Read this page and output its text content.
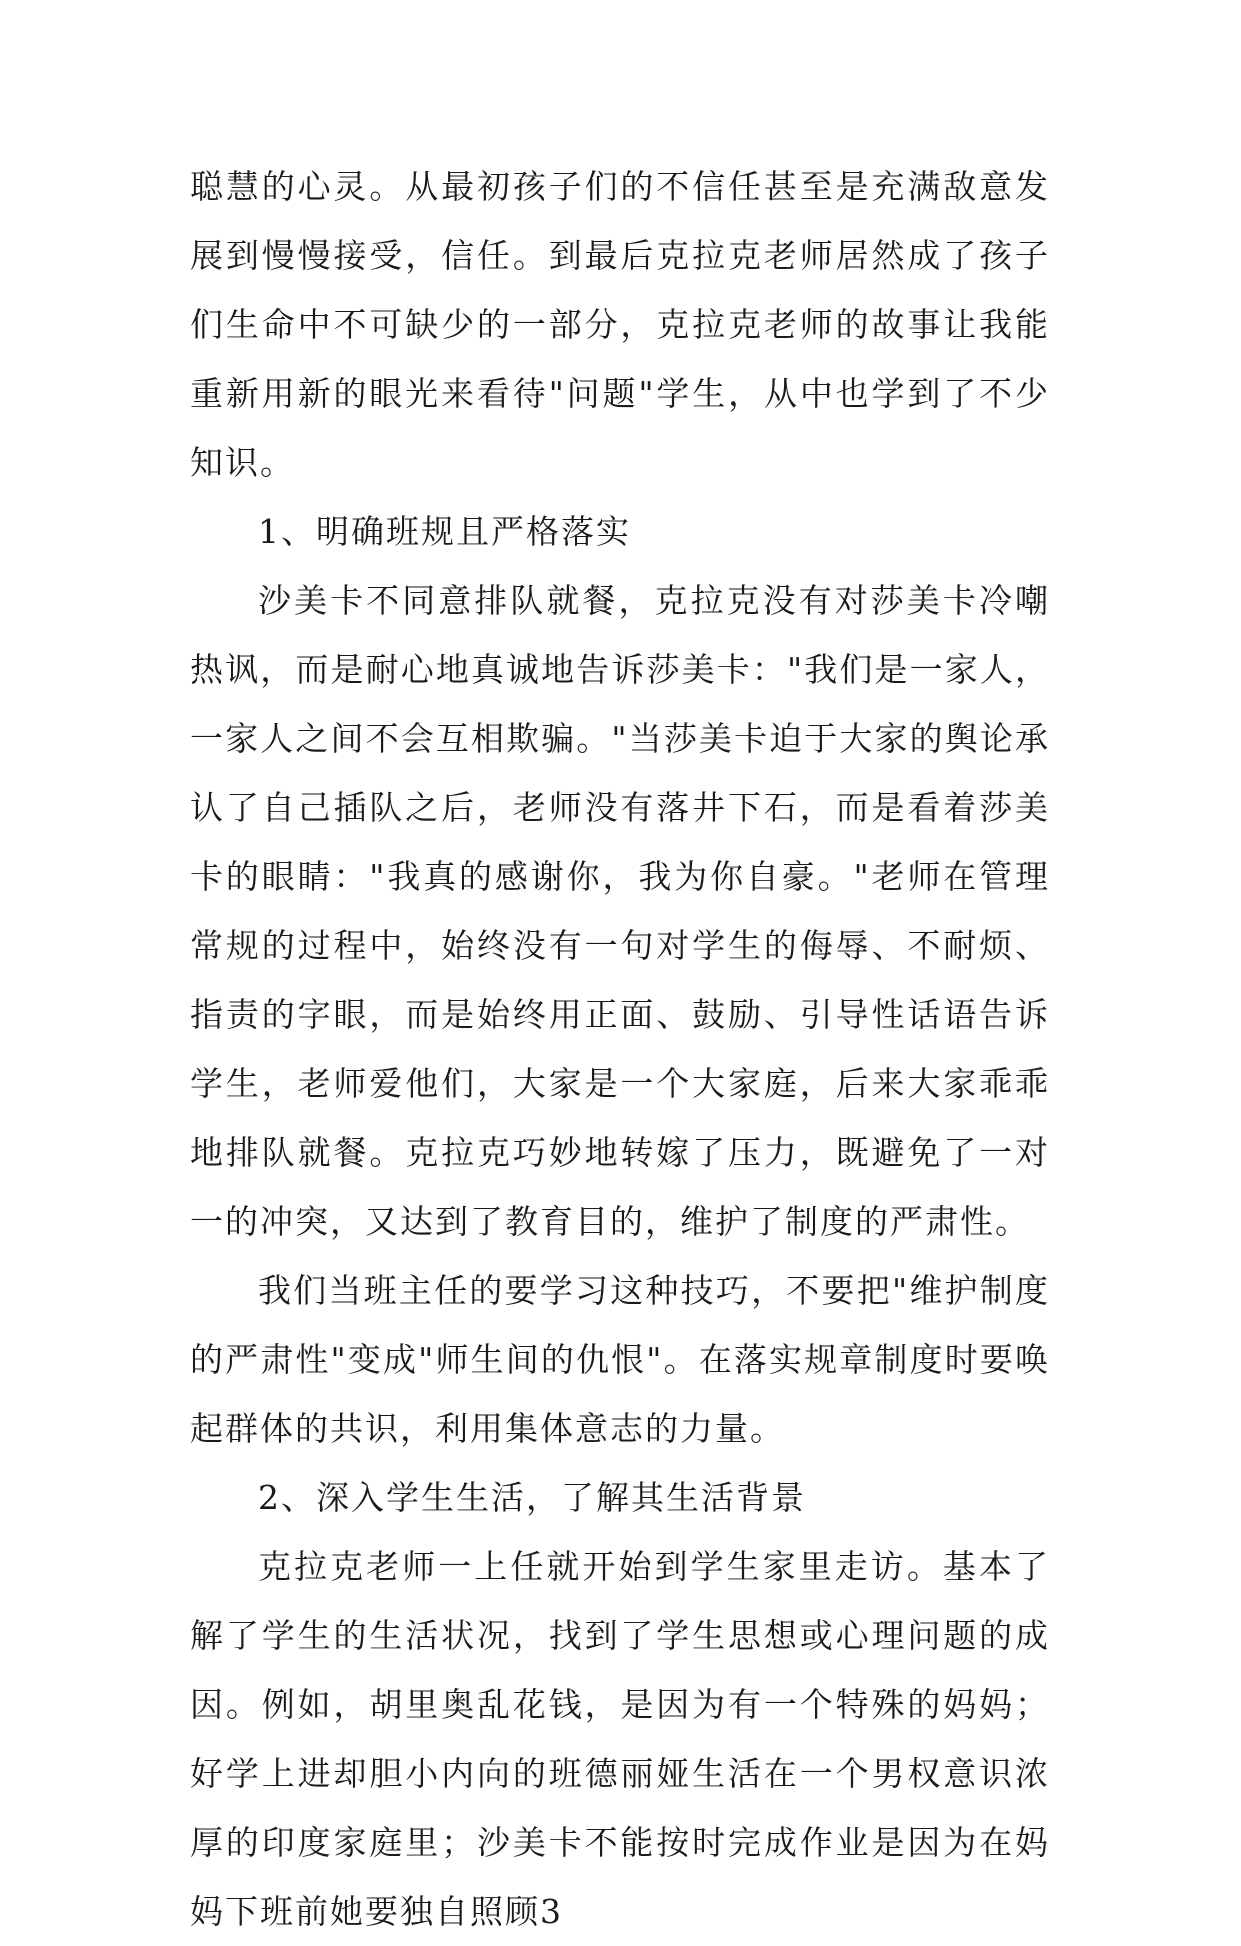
聪慧的心灵。从最初孩子们的不信任甚至是充满敌意发展到慢慢接受，信任。到最后克拉克老师居然成了孩子们生命中不可缺少的一部分，克拉克老师的故事让我能重新用新的眼光来看待"问题"学生，从中也学到了不少知识。

1、明确班规且严格落实

沙美卡不同意排队就餐，克拉克没有对莎美卡冷嘲热讽，而是耐心地真诚地告诉莎美卡："我们是一家人，一家人之间不会互相欺骗。"当莎美卡迫于大家的舆论承认了自己插队之后，老师没有落井下石，而是看着莎美卡的眼睛："我真的感谢你，我为你自豪。"老师在管理常规的过程中，始终没有一句对学生的侮辱、不耐烦、指责的字眼，而是始终用正面、鼓励、引导性话语告诉学生，老师爱他们，大家是一个大家庭，后来大家乖乖地排队就餐。克拉克巧妙地转嫁了压力，既避免了一对一的冲突，又达到了教育目的，维护了制度的严肃性。

我们当班主任的要学习这种技巧，不要把"维护制度的严肃性"变成"师生间的仇恨"。在落实规章制度时要唤起群体的共识，利用集体意志的力量。

2、深入学生生活，了解其生活背景

克拉克老师一上任就开始到学生家里走访。基本了解了学生的生活状况，找到了学生思想或心理问题的成因。例如，胡里奥乱花钱，是因为有一个特殊的妈妈；好学上进却胆小内向的班德丽娅生活在一个男权意识浓厚的印度家庭里；沙美卡不能按时完成作业是因为在妈妈下班前她要独自照顾3
